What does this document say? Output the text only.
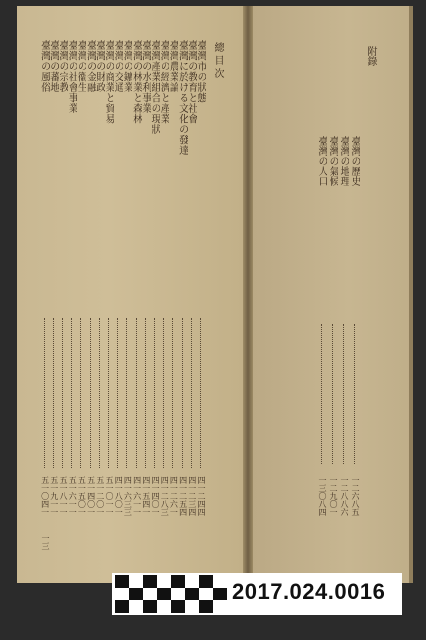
總目次
臺灣市の狀態
四一二四四
臺灣の教育と社會
四一二三四
臺灣に於ける文化の發達
四一二五四
臺灣農業論
四一二六一
臺灣の經濟と產業
四一二八三
臺灣產業組合の現狀
四一四〇一
臺灣の水利事業
四一五四一
臺灣の林業と森林
四一六一一
臺灣の鑛業
四一六三三
臺灣の交通
四一八〇一
臺灣の商業と貿易
五一〇一一
臺灣の財政
五一二〇一
臺灣の金融
五一四〇一
臺灣の衞生
五一五〇一
臺灣の社會事業
五一六一一
臺灣の宗教
五一八一一
臺灣の蕃地
五一九一一
臺灣の風俗
五一〇四一
一三
附錄
臺灣の歷史
一二六八五
臺灣の地理
一二八八六
臺灣の氣候
一二九〇一
臺灣の人口
一三〇八四
2017.024.0016
